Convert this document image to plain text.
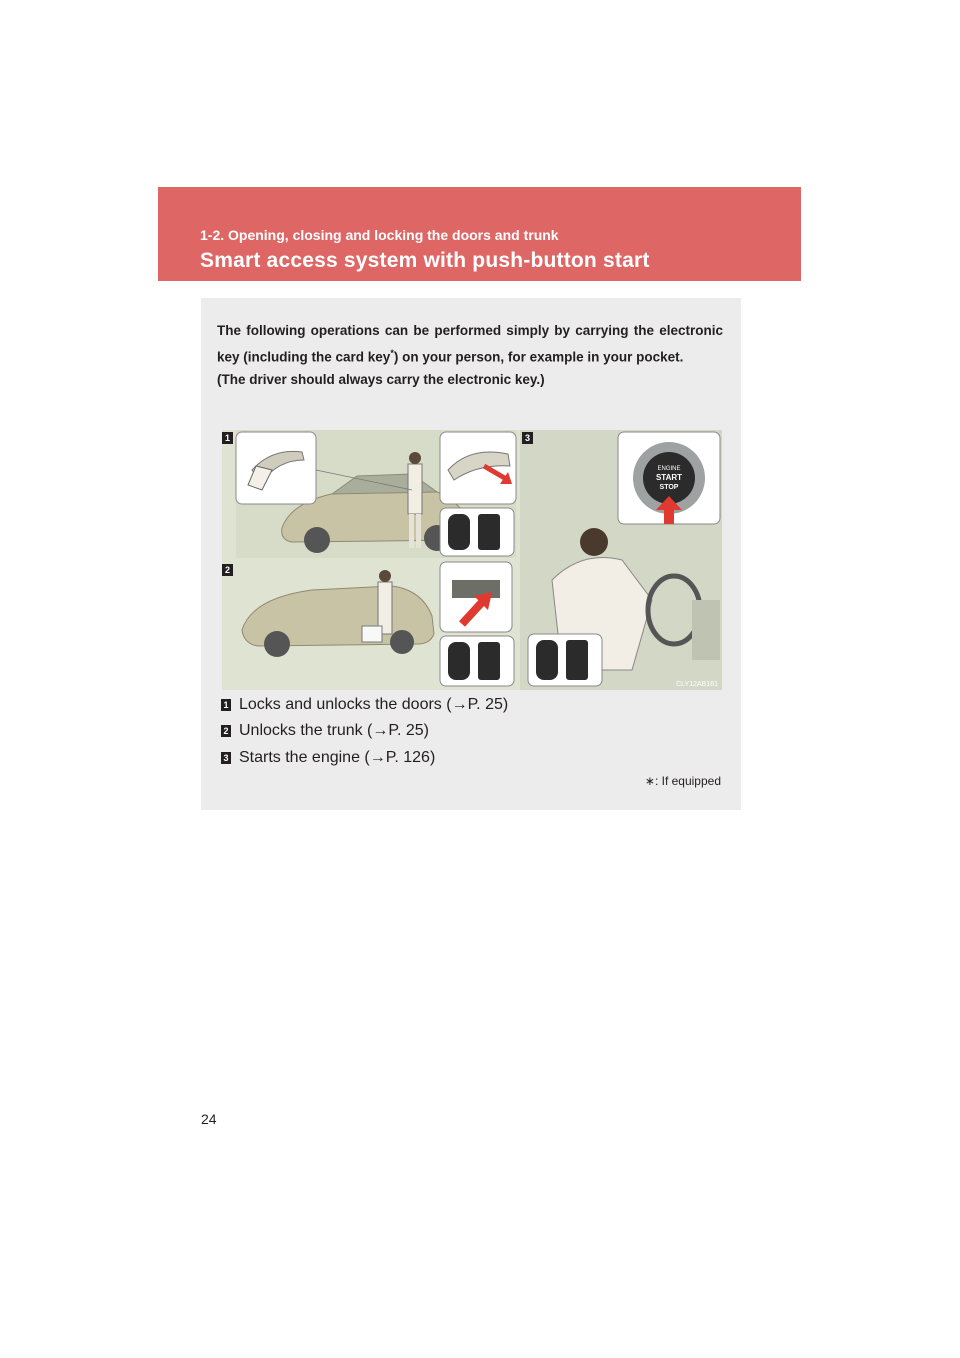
1-2. Opening, closing and locking the doors and trunk

Smart access system with push-button start

The following operations can be performed simply by carrying the electronic key (including the card key*) on your person, for example in your pocket.
(The driver should always carry the electronic key.)

ENGINE
START
STOP
1
2
3
CLY12AB161
1 Locks and unlocks the doors (→P. 25)
2 Unlocks the trunk (→P. 25)
3 Starts the engine (→P. 126)
∗: If equipped
24
